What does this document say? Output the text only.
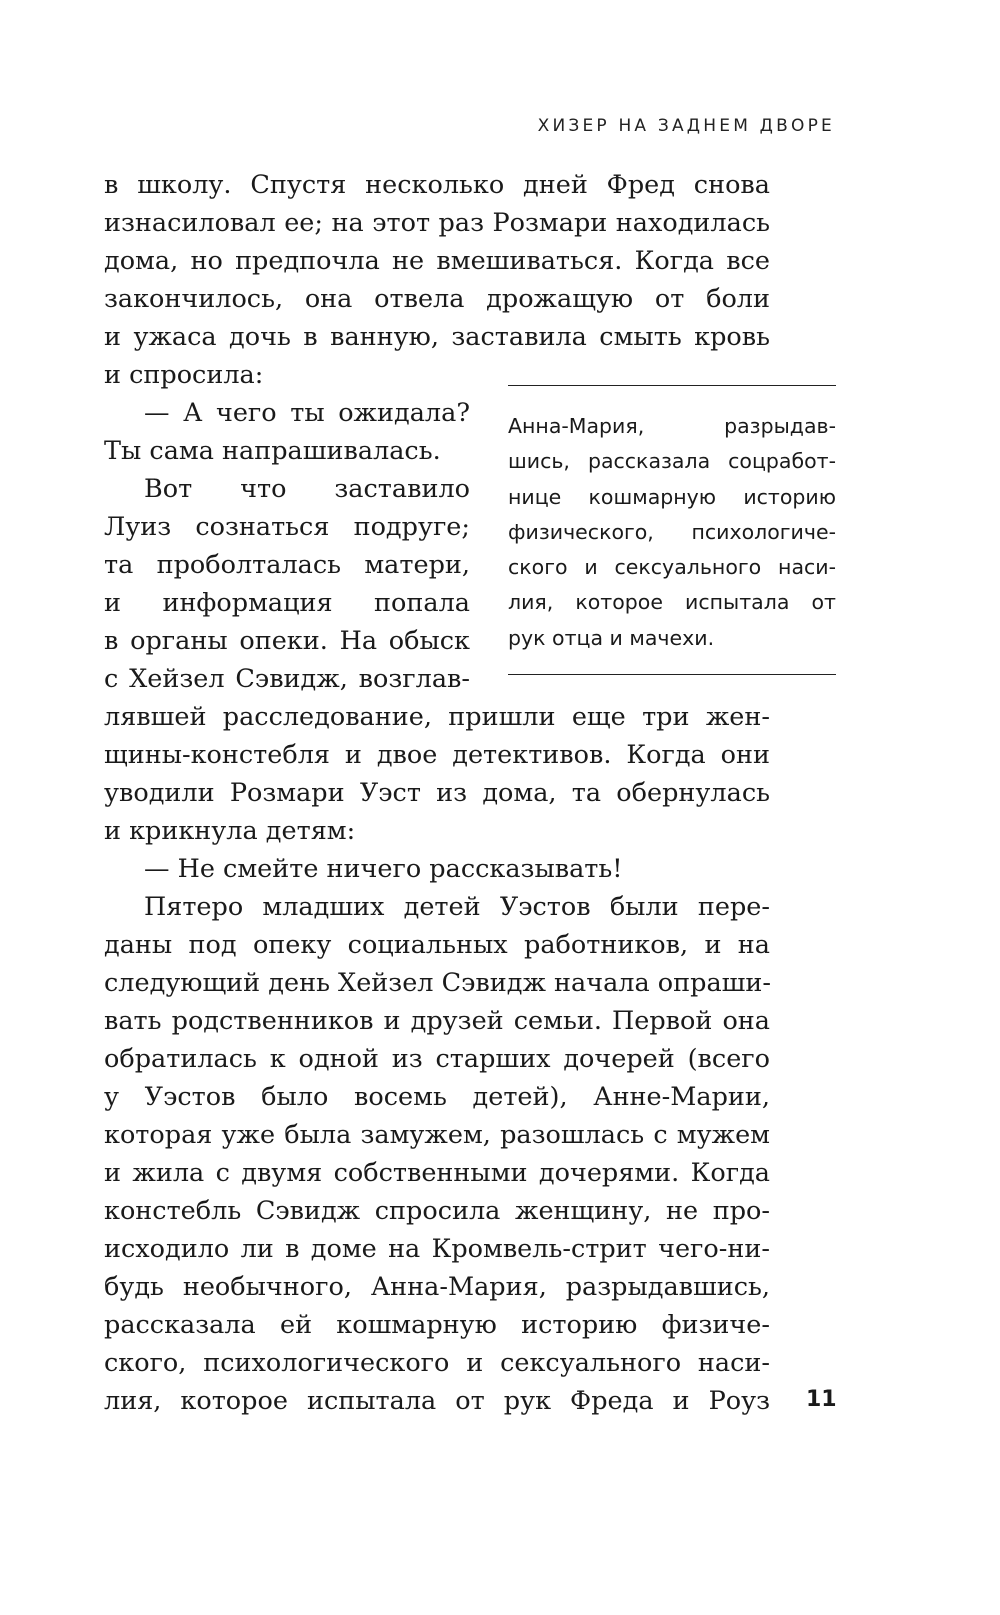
ХИЗЕР НА ЗАДНЕМ ДВОРЕ
в школу. Спустя несколько дней Фред снова
изнасиловал ее; на этот раз Розмари находилась
дома, но предпочла не вмешиваться. Когда все
закончилось, она отвела дрожащую от боли
и ужаса дочь в ванную, заставила смыть кровь
и спросила:
— А чего ты ожидала?
Ты сама напрашивалась.
Вот что заставило
Луиз сознаться подруге;
та проболталась матери,
и информация попала
в органы опеки. На обыск
с Хейзел Сэвидж, возглав-
лявшей расследование, пришли еще три жен-
щины-констебля и двое детективов. Когда они
уводили Розмари Уэст из дома, та обернулась
и крикнула детям:
— Не смейте ничего рассказывать!
Пятеро младших детей Уэстов были пере-
даны под опеку социальных работников, и на
следующий день Хейзел Сэвидж начала опраши-
вать родственников и друзей семьи. Первой она
обратилась к одной из старших дочерей (всего
у Уэстов было восемь детей), Анне-Марии,
которая уже была замужем, разошлась с мужем
и жила с двумя собственными дочерями. Когда
констебль Сэвидж спросила женщину, не про-
исходило ли в доме на Кромвель-стрит чего-ни-
будь необычного, Анна-Мария, разрыдавшись,
рассказала ей кошмарную историю физиче-
ского, психологического и сексуального наси-
лия, которое испытала от рук Фреда и Роуз
Анна-Мария, разрыдав-
шись, рассказала соцработ-
нице кошмарную историю
физического, психологиче-
ского и сексуального наси-
лия, которое испытала от
рук отца и мачехи.
11
